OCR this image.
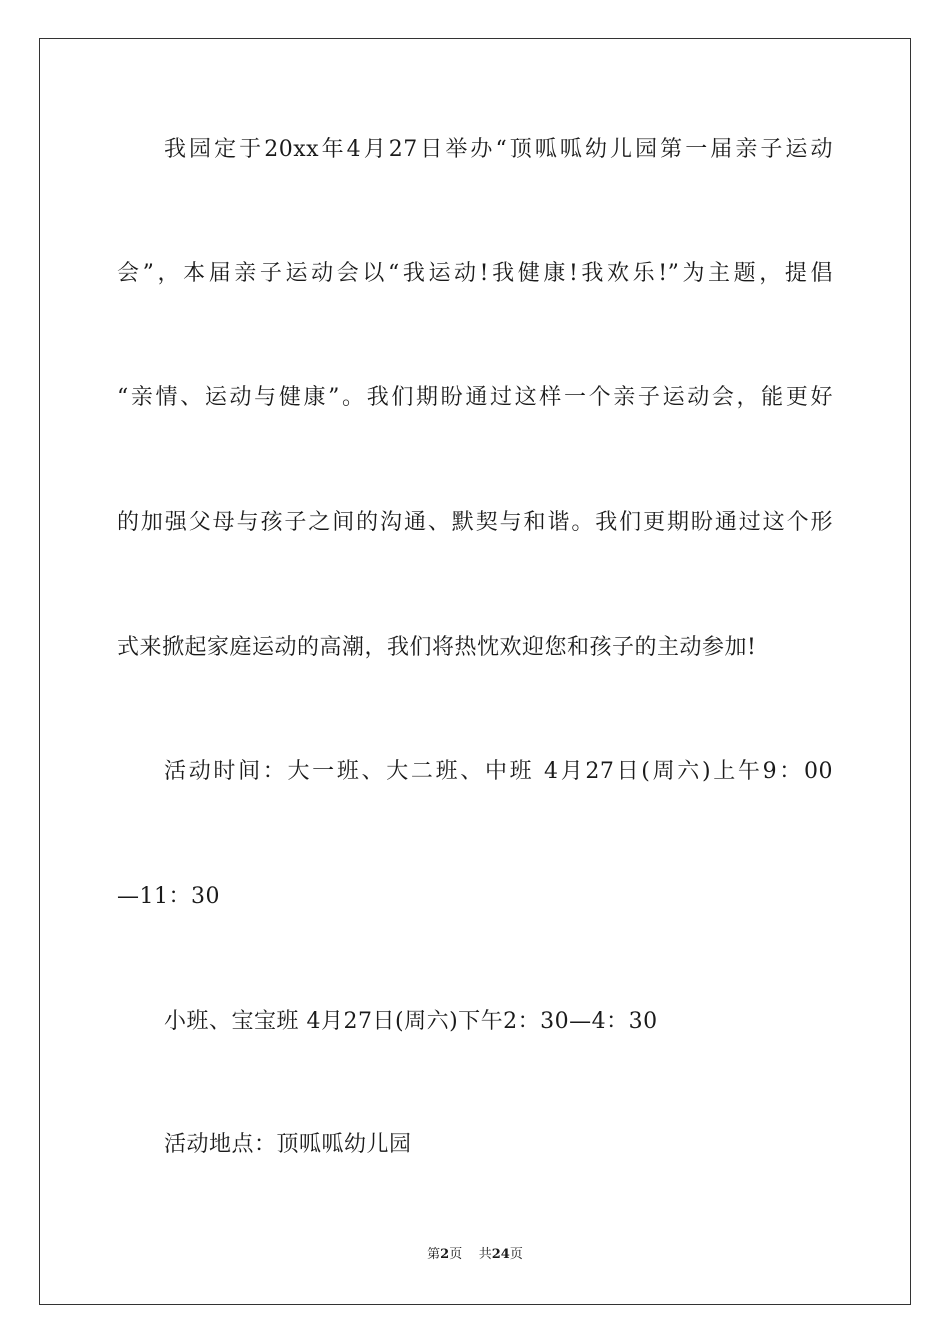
我园定于20xx年4月27日举办“顶呱呱幼儿园第一届亲子运动
会”，本届亲子运动会以“我运动!我健康!我欢乐!”为主题，提倡
“亲情、运动与健康”。我们期盼通过这样一个亲子运动会，能更好
的加强父母与孩子之间的沟通、默契与和谐。我们更期盼通过这个形
式来掀起家庭运动的高潮，我们将热忱欢迎您和孩子的主动参加!
活动时间：大一班、大二班、中班 4月27日(周六)上午9：00
—11：30
小班、宝宝班 4月27日(周六)下午2：30—4：30
活动地点：顶呱呱幼儿园
第2页 共24页
